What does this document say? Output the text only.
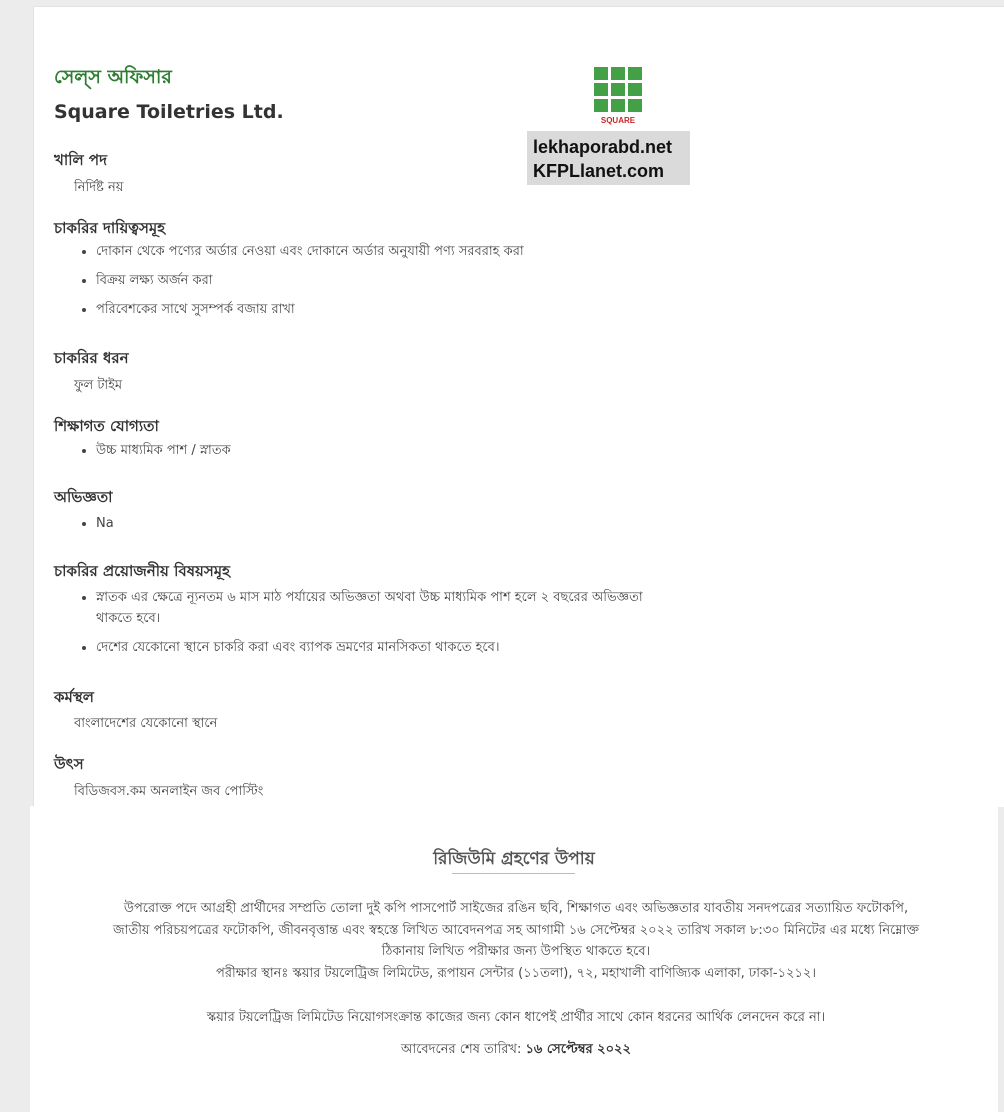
সেল্‌স অফিসার
Square Toiletries Ltd.	SQUARE
lekhaporabd.net
KFPLlanet.com
খালি পদ

নির্দিষ্ট নয়

চাকরির দায়িত্বসমূহ
• দোকান থেকে পণ্যের অর্ডার নেওয়া এবং দোকানে অর্ডার অনুযায়ী পণ্য সরবরাহ করা
• বিক্রয় লক্ষ্য অর্জন করা
• পরিবেশকের সাথে সুসম্পর্ক বজায় রাখা
চাকরির ধরন

ফুল টাইম

শিক্ষাগত যোগ্যতা
• উচ্চ মাধ্যমিক পাশ / স্নাতক
অভিজ্ঞতা
• Na
চাকরির প্রয়োজনীয় বিষয়সমূহ
• স্নাতক এর ক্ষেত্রে ন্যূনতম ৬ মাস মাঠ পর্যায়ের অভিজ্ঞতা অথবা উচ্চ মাধ্যমিক পাশ হলে ২ বছরের অভিজ্ঞতা থাকতে হবে।
• দেশের যেকোনো স্থানে চাকরি করা এবং ব্যাপক ভ্রমণের মানসিকতা থাকতে হবে।
কর্মস্থল

বাংলাদেশের যেকোনো স্থানে

উৎস

বিডিজবস.কম অনলাইন জব পোস্টিং

রিজিউমি গ্রহণের উপায়
উপরোক্ত পদে আগ্রহী প্রার্থীদের সম্প্রতি তোলা দুই কপি পাসপোর্ট সাইজের রঙিন ছবি, শিক্ষাগত এবং অভিজ্ঞতার যাবতীয় সনদপত্রের সত্যায়িত ফটোকপি,
জাতীয় পরিচয়পত্রের ফটোকপি, জীবনবৃত্তান্ত এবং স্বহস্তে লিখিত আবেদনপত্র সহ আগামী ১৬ সেপ্টেম্বর ২০২২ তারিখ সকাল ৮:৩০ মিনিটের এর মধ্যে নিম্নোক্ত
ঠিকানায় লিখিত পরীক্ষার জন্য উপস্থিত থাকতে হবে।
পরীক্ষার স্থানঃ স্কয়ার টয়লেট্রিজ লিমিটেড, রূপায়ন সেন্টার (১১তলা), ৭২, মহাখালী বাণিজ্যিক এলাকা, ঢাকা-১২১২।

স্কয়ার টয়লেট্রিজ লিমিটেড নিয়োগসংক্রান্ত কাজের জন্য কোন ধাপেই প্রার্থীর সাথে কোন ধরনের আর্থিক লেনদেন করে না।

আবেদনের শেষ তারিখ: ১৬ সেপ্টেম্বর ২০২২
